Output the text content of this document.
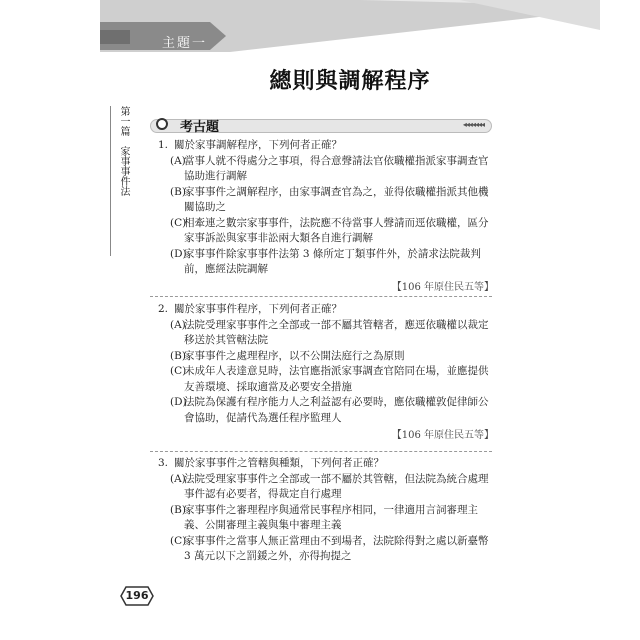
主題一
總則與調解程序
第一篇　家事事件法	考古題	◂◂◂◂◂◂◂
1. 關於家事調解程序，下列何者正確？
(A)
當事人就不得處分之事項，得合意聲請法官依職權指派家事調查官協助進行調解
(B)
家事事件之調解程序，由家事調查官為之，並得依職權指派其他機關協助之
(C)
相牽連之數宗家事事件，法院應不待當事人聲請而逕依職權，區分家事訴訟與家事非訟兩大類各自進行調解
(D)
家事事件除家事事件法第 3 條所定丁類事件外，於請求法院裁判前，應經法院調解
【106 年原住民五等】
2. 關於家事事件程序，下列何者正確？
(A)
法院受理家事事件之全部或一部不屬其管轄者，應逕依職權以裁定移送於其管轄法院
(B)
家事事件之處理程序，以不公開法庭行之為原則
(C)
未成年人表達意見時，法官應指派家事調查官陪同在場，並應提供友善環境、採取適當及必要安全措施
(D)
法院為保護有程序能力人之利益認有必要時，應依職權敦促律師公會協助，促請代為選任程序監理人
【106 年原住民五等】
3. 關於家事事件之管轄與種類，下列何者正確？
(A)
法院受理家事事件之全部或一部不屬於其管轄，但法院為統合處理事件認有必要者，得裁定自行處理
(B)
家事事件之審理程序與通常民事程序相同，一律適用言詞審理主義、公開審理主義與集中審理主義
(C)
家事事件之當事人無正當理由不到場者，法院除得對之處以新臺幣 3 萬元以下之罰鍰之外，亦得拘提之
196
